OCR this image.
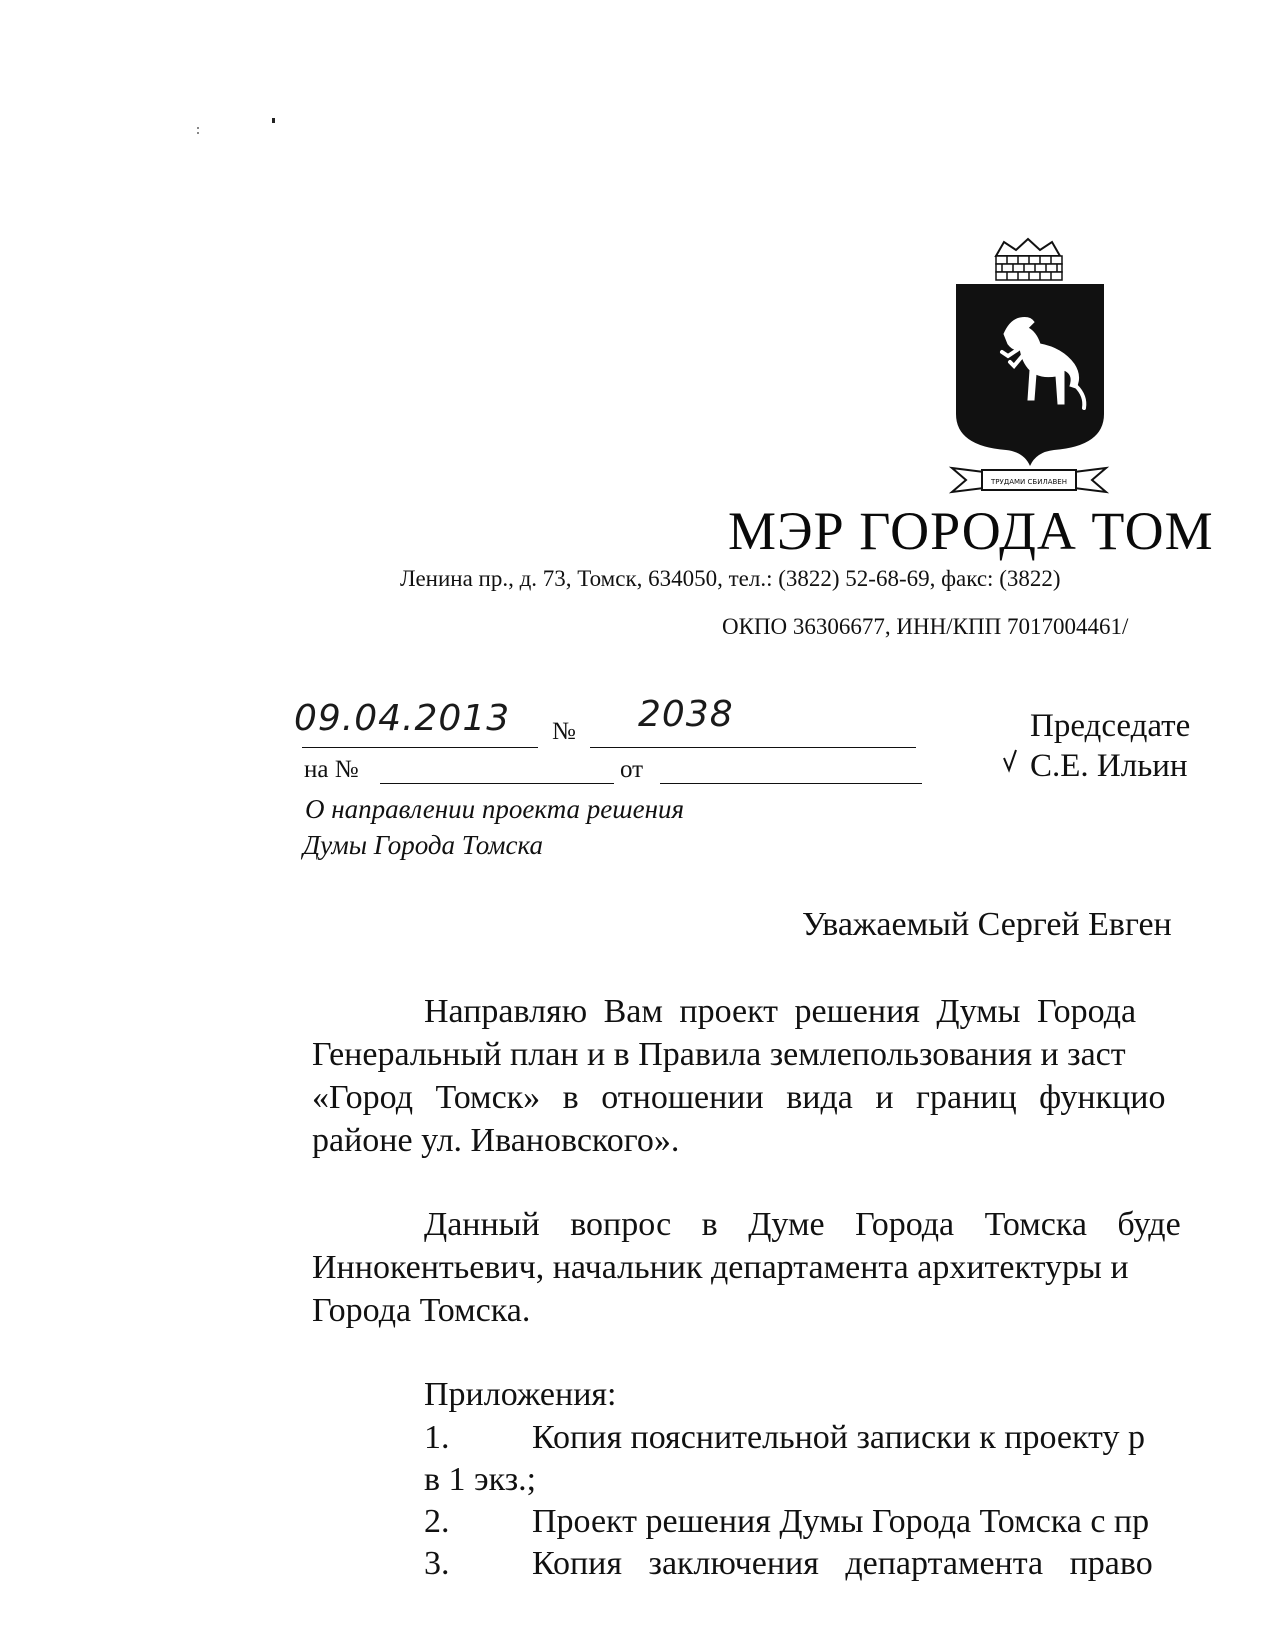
ТРУДАМИ СБИЛАВЕН
МЭР ГОРОДА ТОМ
Ленина пр., д. 73, Томск, 634050, тел.: (3822) 52-68-69, факс: (3822)
ОКПО 36306677, ИНН/КПП 7017004461/
09.04.2013 № 2038
на №	от
Председате
С.Е. Ильин
О направлении проекта решения
Думы Города Томска
Уважаемый Сергей Евген
Направляю Вам проект решения Думы Города
Генеральный план и в Правила землепользования и заст
«Город Томск» в отношении вида и границ функцио
районе ул. Ивановского».
Данный вопрос в Думе Города Томска буде
Иннокентьевич, начальник департамента архитектуры и
Города Томска.
Приложения:
1. Копия пояснительной записки к проекту р
в 1 экз.;
2. Проект решения Думы Города Томска с пр
3. Копия заключения департамента право
